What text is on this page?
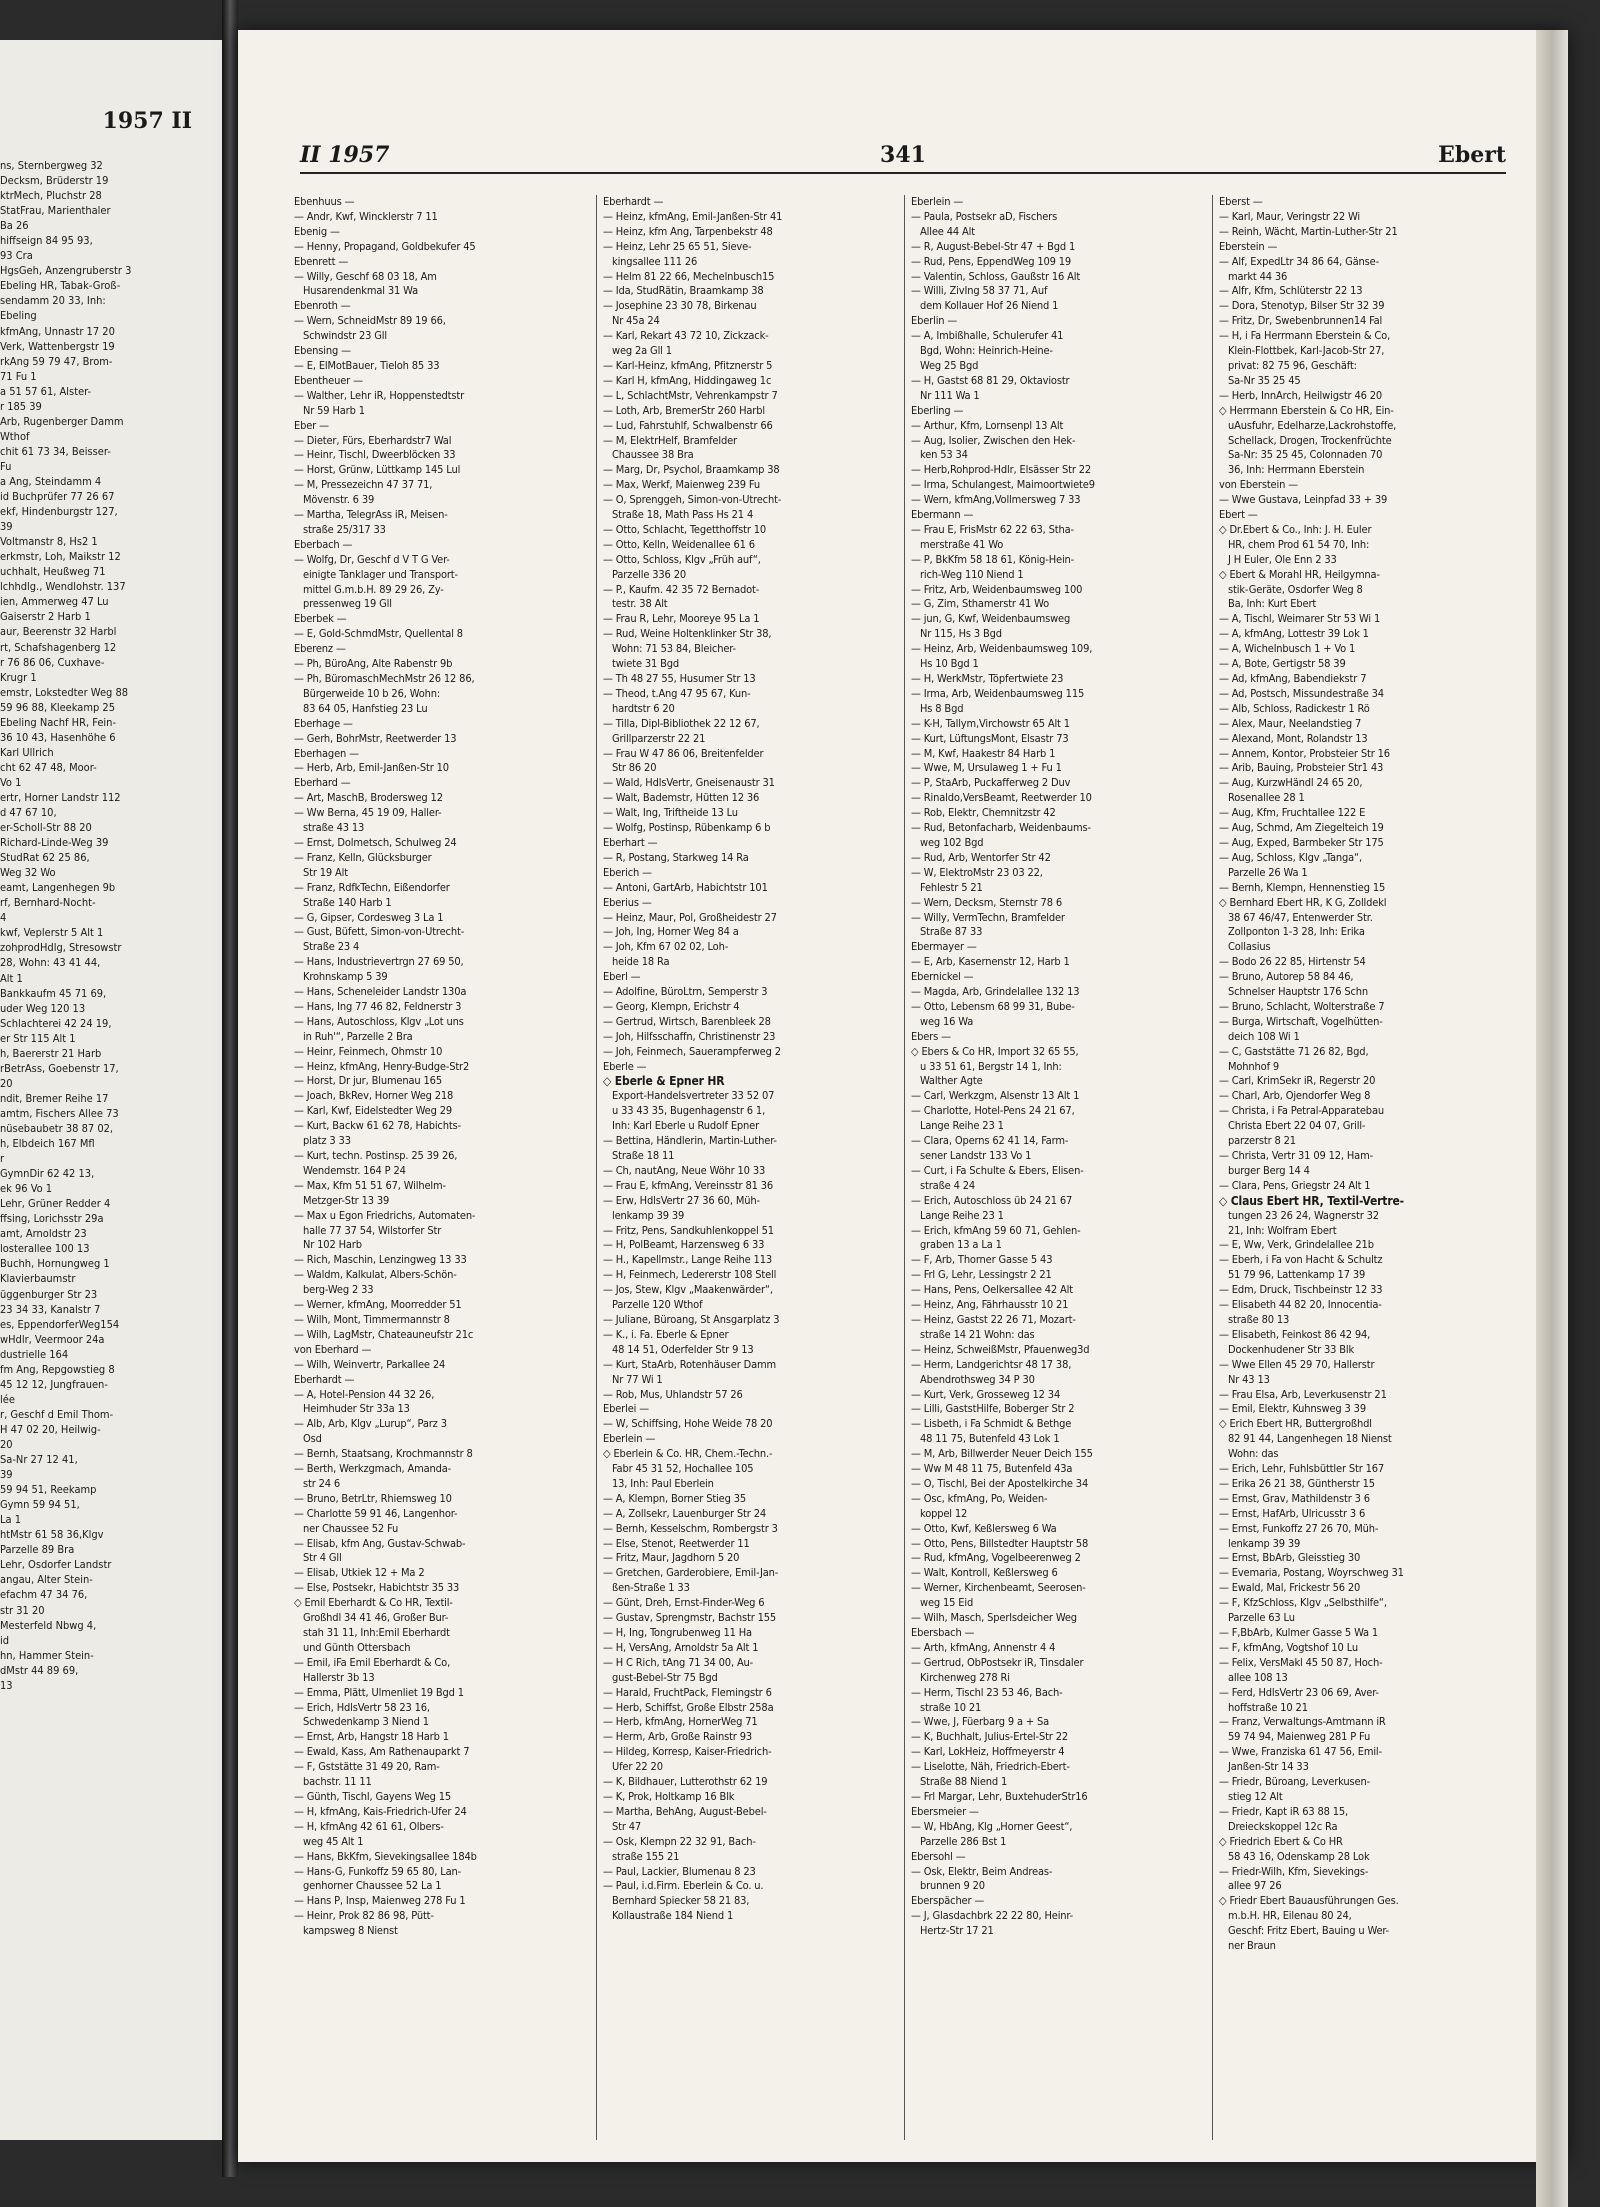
1957 II
ns, Sternbergweg 32
Decksm, Brüderstr 19
ktrMech, Pluchstr 28
StatFrau, Marienthaler
Ba 26
hiffseign 84 95 93,
93 Cra
HgsGeh, Anzengruberstr 3
Ebeling HR, Tabak-Groß-
sendamm 20 33, Inh:
Ebeling
kfmAng, Unnastr 17 20
Verk, Wattenbergstr 19
rkAng 59 79 47, Brom-
71 Fu 1
a 51 57 61, Alster-
r 185 39
Arb, Rugenberger Damm
Wthof
chit 61 73 34, Beisser-
Fu
a Ang, Steindamm 4
id Buchprüfer 77 26 67
ekf, Hindenburgstr 127,
39
Voltmanstr 8, Hs2 1
erkmstr, Loh, Maikstr 12
uchhalt, Heußweg 71
lchhdlg., Wendlohstr. 137
ien, Ammerweg 47 Lu
Gaiserstr 2 Harb 1
aur, Beerenstr 32 Harbl
rt, Schafshagenberg 12
r 76 86 06, Cuxhave-
Krugr 1
emstr, Lokstedter Weg 88
59 96 88, Kleekamp 25
Ebeling Nachf HR, Fein-
36 10 43, Hasenhöhe 6
Karl Ullrich
cht 62 47 48, Moor-
Vo 1
ertr, Horner Landstr 112
d 47 67 10,
er-Scholl-Str 88 20
Richard-Linde-Weg 39
StudRat 62 25 86,
Weg 32 Wo
eamt, Langenhegen 9b
rf, Bernhard-Nocht-
4
kwf, Veplerstr 5 Alt 1
zohprodHdlg, Stresowstr
28, Wohn: 43 41 44,
Alt 1
Bankkaufm 45 71 69,
uder Weg 120 13
Schlachterei 42 24 19,
er Str 115 Alt 1
h, Baererstr 21 Harb
rBetrAss, Goebenstr 17,
20
ndit, Bremer Reihe 17
amtm, Fischers Allee 73
nüsebaubetr 38 87 02,
h, Elbdeich 167 Mfl
r
GymnDir 62 42 13,
ek 96 Vo 1
Lehr, Grüner Redder 4
ffsing, Lorichsstr 29a
amt, Arnoldstr 23
losterallee 100 13
Buchh, Hornungweg 1
Klavierbaumstr
üggenburger Str 23
23 34 33, Kanalstr 7
es, EppendorferWeg154
wHdlr, Veermoor 24a
dustrielle 164
fm Ang, Repgowstieg 8
45 12 12, Jungfrauen-
lée
r, Geschf d Emil Thom-
H 47 02 20, Heilwig-
20
Sa-Nr 27 12 41,
39
59 94 51, Reekamp
Gymn 59 94 51,
La 1
htMstr 61 58 36,Klgv
Parzelle 89 Bra
Lehr, Osdorfer Landstr
angau, Alter Stein-
efachm 47 34 76,
str 31 20
Mesterfeld Nbwg 4,
id
hn, Hammer Stein-
dMstr 44 89 69,
13
II 1957	341	Ebert
Ebenhuus —
— Andr, Kwf, Wincklerstr 7 11
Ebenig —
— Henny, Propagand, Goldbekufer 45
Ebenrett —
— Willy, Geschf 68 03 18, Am
Husarendenkmal 31 Wa
Ebenroth —
— Wern, SchneidMstr 89 19 66,
Schwindstr 23 Gll
Ebensing —
— E, ElMotBauer, Tieloh 85 33
Ebentheuer —
— Walther, Lehr iR, Hoppenstedtstr
Nr 59 Harb 1
Eber —
— Dieter, Fürs, Eberhardstr7 Wal
— Heinr, Tischl, Dweerblöcken 33
— Horst, Grünw, Lüttkamp 145 Lul
— M, Pressezeichn 47 37 71,
Mövenstr. 6 39
— Martha, TelegrAss iR, Meisen-
straße 25/317 33
Eberbach —
— Wolfg, Dr, Geschf d V T G Ver-
einigte Tanklager und Transport-
mittel G.m.b.H. 89 29 26, Zy-
pressenweg 19 Gll
Eberbek —
— E, Gold-SchmdMstr, Quellental 8
Eberenz —
— Ph, BüroAng, Alte Rabenstr 9b
— Ph, BüromaschMechMstr 26 12 86,
Bürgerweide 10 b 26, Wohn:
83 64 05, Hanfstieg 23 Lu
Eberhage —
— Gerh, BohrMstr, Reetwerder 13
Eberhagen —
— Herb, Arb, Emil-Janßen-Str 10
Eberhard —
— Art, MaschB, Brodersweg 12
— Ww Berna, 45 19 09, Haller-
straße 43 13
— Ernst, Dolmetsch, Schulweg 24
— Franz, Kelln, Glücksburger
Str 19 Alt
— Franz, RdfkTechn, Eißendorfer
Straße 140 Harb 1
— G, Gipser, Cordesweg 3 La 1
— Gust, Büfett, Simon-von-Utrecht-
Straße 23 4
— Hans, Industrievertrgn 27 69 50,
Krohnskamp 5 39
— Hans, Scheneleider Landstr 130a
— Hans, Ing 77 46 82, Feldnerstr 3
— Hans, Autoschloss, Klgv „Lot uns
in Ruh'“, Parzelle 2 Bra
— Heinr, Feinmech, Ohmstr 10
— Heinz, kfmAng, Henry-Budge-Str2
— Horst, Dr jur, Blumenau 165
— Joach, BkRev, Horner Weg 218
— Karl, Kwf, Eidelstedter Weg 29
— Kurt, Backw 61 62 78, Habichts-
platz 3 33
— Kurt, techn. Postinsp. 25 39 26,
Wendemstr. 164 P 24
— Max, Kfm 51 51 67, Wilhelm-
Metzger-Str 13 39
— Max u Egon Friedrichs, Automaten-
halle 77 37 54, Wilstorfer Str
Nr 102 Harb
— Rich, Maschin, Lenzingweg 13 33
— Waldm, Kalkulat, Albers-Schön-
berg-Weg 2 33
— Werner, kfmAng, Moorredder 51
— Wilh, Mont, Timmermannstr 8
— Wilh, LagMstr, Chateauneufstr 21c
von Eberhard —
— Wilh, Weinvertr, Parkallee 24
Eberhardt —
— A, Hotel-Pension 44 32 26,
Heimhuder Str 33a 13
— Alb, Arb, Klgv „Lurup“, Parz 3
Osd
— Bernh, Staatsang, Krochmannstr 8
— Berth, Werkzgmach, Amanda-
str 24 6
— Bruno, BetrLtr, Rhiemsweg 10
— Charlotte 59 91 46, Langenhor-
ner Chaussee 52 Fu
— Elisab, kfm Ang, Gustav-Schwab-
Str 4 Gll
— Elisab, Utkiek 12 + Ma 2
— Else, Postsekr, Habichtstr 35 33
◇ Emil Eberhardt & Co HR, Textil-
Großhdl 34 41 46, Großer Bur-
stah 31 11, Inh:Emil Eberhardt
und Günth Ottersbach
— Emil, iFa Emil Eberhardt & Co,
Hallerstr 3b 13
— Emma, Plätt, Ulmenliet 19 Bgd 1
— Erich, HdlsVertr 58 23 16,
Schwedenkamp 3 Niend 1
— Ernst, Arb, Hangstr 18 Harb 1
— Ewald, Kass, Am Rathenauparkt 7
— F, Gststätte 31 49 20, Ram-
bachstr. 11 11
— Günth, Tischl, Gayens Weg 15
— H, kfmAng, Kais-Friedrich-Ufer 24
— H, kfmAng 42 61 61, Olbers-
weg 45 Alt 1
— Hans, BkKfm, Sievekingsallee 184b
— Hans-G, Funkoffz 59 65 80, Lan-
genhorner Chaussee 52 La 1
— Hans P, Insp, Maienweg 278 Fu 1
— Heinr, Prok 82 86 98, Pütt-
kampsweg 8 Nienst
Eberhardt —
— Heinz, kfmAng, Emil-Janßen-Str 41
— Heinz, kfm Ang, Tarpenbekstr 48
— Heinz, Lehr 25 65 51, Sieve-
kingsallee 111 26
— Helm 81 22 66, Mechelnbusch15
— Ida, StudRätin, Braamkamp 38
— Josephine 23 30 78, Birkenau
Nr 45a 24
— Karl, Rekart 43 72 10, Zickzack-
weg 2a Gll 1
— Karl-Heinz, kfmAng, Pfitznerstr 5
— Karl H, kfmAng, Hiddingaweg 1c
— L, SchlachtMstr, Vehrenkampstr 7
— Loth, Arb, BremerStr 260 Harbl
— Lud, Fahrstuhlf, Schwalbenstr 66
— M, ElektrHelf, Bramfelder
Chaussee 38 Bra
— Marg, Dr, Psychol, Braamkamp 38
— Max, Werkf, Maienweg 239 Fu
— O, Sprenggeh, Simon-von-Utrecht-
Straße 18, Math Pass Hs 21 4
— Otto, Schlacht, Tegetthoffstr 10
— Otto, Kelln, Weidenallee 61 6
— Otto, Schloss, Klgv „Früh auf“,
Parzelle 336 20
— P., Kaufm. 42 35 72 Bernadot-
testr. 38 Alt
— Frau R, Lehr, Mooreye 95 La 1
— Rud, Weine Holtenklinker Str 38,
Wohn: 71 53 84, Bleicher-
twiete 31 Bgd
— Th 48 27 55, Husumer Str 13
— Theod, t.Ang 47 95 67, Kun-
hardtstr 6 20
— Tilla, Dipl-Bibliothek 22 12 67,
Grillparzerstr 22 21
— Frau W 47 86 06, Breitenfelder
Str 86 20
— Wald, HdlsVertr, Gneisenaustr 31
— Walt, Bademstr, Hütten 12 36
— Walt, Ing, Triftheide 13 Lu
— Wolfg, Postinsp, Rübenkamp 6 b
Eberhart —
— R, Postang, Starkweg 14 Ra
Eberich —
— Antoni, GartArb, Habichtstr 101
Eberius —
— Heinz, Maur, Pol, Großheidestr 27
— Joh, Ing, Horner Weg 84 a
— Joh, Kfm 67 02 02, Loh-
heide 18 Ra
Eberl —
— Adolfine, BüroLtrn, Semperstr 3
— Georg, Klempn, Erichstr 4
— Gertrud, Wirtsch, Barenbleek 28
— Joh, Hilfsschaffn, Christinenstr 23
— Joh, Feinmech, Sauerampferweg 2
Eberle —
◇ Eberle & Epner HR
Export-Handelsvertreter 33 52 07
u 33 43 35, Bugenhagenstr 6 1,
Inh: Karl Eberle u Rudolf Epner
— Bettina, Händlerin, Martin-Luther-
Straße 18 11
— Ch, nautAng, Neue Wöhr 10 33
— Frau E, kfmAng, Vereinsstr 81 36
— Erw, HdlsVertr 27 36 60, Müh-
lenkamp 39 39
— Fritz, Pens, Sandkuhlenkoppel 51
— H, PolBeamt, Harzensweg 6 33
— H., Kapellmstr., Lange Reihe 113
— H, Feinmech, Ledererstr 108 Stell
— Jos, Stew, Klgv „Maakenwärder“,
Parzelle 120 Wthof
— Juliane, Büroang, St Ansgarplatz 3
— K., i. Fa. Eberle & Epner
48 14 51, Oderfelder Str 9 13
— Kurt, StaArb, Rotenhäuser Damm
Nr 77 Wi 1
— Rob, Mus, Uhlandstr 57 26
Eberlei —
— W, Schiffsing, Hohe Weide 78 20
Eberlein —
◇ Eberlein & Co. HR, Chem.-Techn.-
Fabr 45 31 52, Hochallee 105
13, Inh: Paul Eberlein
— A, Klempn, Borner Stieg 35
— A, Zollsekr, Lauenburger Str 24
— Bernh, Kesselschm, Rombergstr 3
— Else, Stenot, Reetwerder 11
— Fritz, Maur, Jagdhorn 5 20
— Gretchen, Garderobiere, Emil-Jan-
ßen-Straße 1 33
— Günt, Dreh, Ernst-Finder-Weg 6
— Gustav, Sprengmstr, Bachstr 155
— H, Ing, Tongrubenweg 11 Ha
— H, VersAng, Arnoldstr 5a Alt 1
— H C Rich, tAng 71 34 00, Au-
gust-Bebel-Str 75 Bgd
— Harald, FruchtPack, Flemingstr 6
— Herb, Schiffst, Große Elbstr 258a
— Herb, kfmAng, HornerWeg 71
— Herm, Arb, Große Rainstr 93
— Hildeg, Korresp, Kaiser-Friedrich-
Ufer 22 20
— K, Bildhauer, Lutterothstr 62 19
— K, Prok, Holtkamp 16 Blk
— Martha, BehAng, August-Bebel-
Str 47
— Osk, Klempn 22 32 91, Bach-
straße 155 21
— Paul, Lackier, Blumenau 8 23
— Paul, i.d.Firm. Eberlein & Co. u.
Bernhard Spiecker 58 21 83,
Kollaustraße 184 Niend 1
Eberlein —
— Paula, Postsekr aD, Fischers
Allee 44 Alt
— R, August-Bebel-Str 47 + Bgd 1
— Rud, Pens, EppendWeg 109 19
— Valentin, Schloss, Gaußstr 16 Alt
— Willi, ZivIng 58 37 71, Auf
dem Kollauer Hof 26 Niend 1
Eberlin —
— A, Imbißhalle, Schulerufer 41
Bgd, Wohn: Heinrich-Heine-
Weg 25 Bgd
— H, Gastst 68 81 29, Oktaviostr
Nr 111 Wa 1
Eberling —
— Arthur, Kfm, Lornsenpl 13 Alt
— Aug, Isolier, Zwischen den Hek-
ken 53 34
— Herb,Rohprod-Hdlr, Elsässer Str 22
— Irma, Schulangest, Maimoortwiete9
— Wern, kfmAng,Vollmersweg 7 33
Ebermann —
— Frau E, FrisMstr 62 22 63, Stha-
merstraße 41 Wo
— P, BkKfm 58 18 61, König-Hein-
rich-Weg 110 Niend 1
— Fritz, Arb, Weidenbaumsweg 100
— G, Zim, Sthamerstr 41 Wo
— jun, G, Kwf, Weidenbaumsweg
Nr 115, Hs 3 Bgd
— Heinz, Arb, Weidenbaumsweg 109,
Hs 10 Bgd 1
— H, WerkMstr, Töpfertwiete 23
— Irma, Arb, Weidenbaumsweg 115
Hs 8 Bgd
— K-H, Tallym,Virchowstr 65 Alt 1
— Kurt, LüftungsMont, Elsastr 73
— M, Kwf, Haakestr 84 Harb 1
— Wwe, M, Ursulaweg 1 + Fu 1
— P, StaArb, Puckafferweg 2 Duv
— Rinaldo,VersBeamt, Reetwerder 10
— Rob, Elektr, Chemnitzstr 42
— Rud, Betonfacharb, Weidenbaums-
weg 102 Bgd
— Rud, Arb, Wentorfer Str 42
— W, ElektroMstr 23 03 22,
Fehlestr 5 21
— Wern, Decksm, Sternstr 78 6
— Willy, VermTechn, Bramfelder
Straße 87 33
Ebermayer —
— E, Arb, Kasernenstr 12, Harb 1
Ebernickel —
— Magda, Arb, Grindelallee 132 13
— Otto, Lebensm 68 99 31, Bube-
weg 16 Wa
Ebers —
◇ Ebers & Co HR, Import 32 65 55,
u 33 51 61, Bergstr 14 1, Inh:
Walther Agte
— Carl, Werkzgm, Alsenstr 13 Alt 1
— Charlotte, Hotel-Pens 24 21 67,
Lange Reihe 23 1
— Clara, Operns 62 41 14, Farm-
sener Landstr 133 Vo 1
— Curt, i Fa Schulte & Ebers, Elisen-
straße 4 24
— Erich, Autoschloss üb 24 21 67
Lange Reihe 23 1
— Erich, kfmAng 59 60 71, Gehlen-
graben 13 a La 1
— F, Arb, Thorner Gasse 5 43
— Frl G, Lehr, Lessingstr 2 21
— Hans, Pens, Oelkersallee 42 Alt
— Heinz, Ang, Fährhausstr 10 21
— Heinz, Gastst 22 26 71, Mozart-
straße 14 21 Wohn: das
— Heinz, SchweißMstr, Pfauenweg3d
— Herm, Landgerichtsr 48 17 38,
Abendrothsweg 34 P 30
— Kurt, Verk, Grosseweg 12 34
— Lilli, GaststHilfe, Boberger Str 2
— Lisbeth, i Fa Schmidt & Bethge
48 11 75, Butenfeld 43 Lok 1
— M, Arb, Billwerder Neuer Deich 155
— Ww M 48 11 75, Butenfeld 43a
— O, Tischl, Bei der Apostelkirche 34
— Osc, kfmAng, Po, Weiden-
koppel 12
— Otto, Kwf, Keßlersweg 6 Wa
— Otto, Pens, Billstedter Hauptstr 58
— Rud, kfmAng, Vogelbeerenweg 2
— Walt, Kontroll, Keßlersweg 6
— Werner, Kirchenbeamt, Seerosen-
weg 15 Eid
— Wilh, Masch, Sperlsdeicher Weg
Ebersbach —
— Arth, kfmAng, Annenstr 4 4
— Gertrud, ObPostsekr iR, Tinsdaler
Kirchenweg 278 Ri
— Herm, Tischl 23 53 46, Bach-
straße 10 21
— Wwe, J, Füerbarg 9 a + Sa
— K, Buchhalt, Julius-Ertel-Str 22
— Karl, LokHeiz, Hoffmeyerstr 4
— Liselotte, Näh, Friedrich-Ebert-
Straße 88 Niend 1
— Frl Margar, Lehr, BuxtehuderStr16
Ebersmeier —
— W, HbAng, Klg „Horner Geest“,
Parzelle 286 Bst 1
Ebersohl —
— Osk, Elektr, Beim Andreas-
brunnen 9 20
Eberspächer —
— J, Glasdachbrk 22 22 80, Heinr-
Hertz-Str 17 21
Eberst —
— Karl, Maur, Veringstr 22 Wi
— Reinh, Wächt, Martin-Luther-Str 21
Eberstein —
— Alf, ExpedLtr 34 86 64, Gänse-
markt 44 36
— Alfr, Kfm, Schlüterstr 22 13
— Dora, Stenotyp, Bilser Str 32 39
— Fritz, Dr, Swebenbrunnen14 Fal
— H, i Fa Herrmann Eberstein & Co,
Klein-Flottbek, Karl-Jacob-Str 27,
privat: 82 75 96, Geschäft:
Sa-Nr 35 25 45
— Herb, InnArch, Heilwigstr 46 20
◇ Herrmann Eberstein & Co HR, Ein-
uAusfuhr, Edelharze,Lackrohstoffe,
Schellack, Drogen, Trockenfrüchte
Sa-Nr: 35 25 45, Colonnaden 70
36, Inh: Herrmann Eberstein
von Eberstein —
— Wwe Gustava, Leinpfad 33 + 39
Ebert —
◇ Dr.Ebert & Co., Inh: J. H. Euler
HR, chem Prod 61 54 70, Inh:
J H Euler, Ole Enn 2 33
◇ Ebert & Morahl HR, Heilgymna-
stik-Geräte, Osdorfer Weg 8
Ba, Inh: Kurt Ebert
— A, Tischl, Weimarer Str 53 Wi 1
— A, kfmAng, Lottestr 39 Lok 1
— A, Wichelnbusch 1 + Vo 1
— A, Bote, Gertigstr 58 39
— Ad, kfmAng, Babendiekstr 7
— Ad, Postsch, Missundestraße 34
— Alb, Schloss, Radickestr 1 Rö
— Alex, Maur, Neelandstieg 7
— Alexand, Mont, Rolandstr 13
— Annem, Kontor, Probsteier Str 16
— Arib, Bauing, Probsteier Str1 43
— Aug, KurzwHändl 24 65 20,
Rosenallee 28 1
— Aug, Kfm, Fruchtallee 122 E
— Aug, Schmd, Am Ziegelteich 19
— Aug, Exped, Barmbeker Str 175
— Aug, Schloss, Klgv „Tanga“,
Parzelle 26 Wa 1
— Bernh, Klempn, Hennenstieg 15
◇ Bernhard Ebert HR, K G, Zolldekl
38 67 46/47, Entenwerder Str.
Zollponton 1-3 28, Inh: Erika
Collasius
— Bodo 26 22 85, Hirtenstr 54
— Bruno, Autorep 58 84 46,
Schnelser Hauptstr 176 Schn
— Bruno, Schlacht, Wolterstraße 7
— Burga, Wirtschaft, Vogelhütten-
deich 108 Wi 1
— C, Gaststätte 71 26 82, Bgd,
Mohnhof 9
— Carl, KrimSekr iR, Regerstr 20
— Charl, Arb, Ojendorfer Weg 8
— Christa, i Fa Petral-Apparatebau
Christa Ebert 22 04 07, Grill-
parzerstr 8 21
— Christa, Vertr 31 09 12, Ham-
burger Berg 14 4
— Clara, Pens, Griegstr 24 Alt 1
◇ Claus Ebert HR, Textil-Vertre-
tungen 23 26 24, Wagnerstr 32
21, Inh: Wolfram Ebert
— E, Ww, Verk, Grindelallee 21b
— Eberh, i Fa von Hacht & Schultz
51 79 96, Lattenkamp 17 39
— Edm, Druck, Tischbeinstr 12 33
— Elisabeth 44 82 20, Innocentia-
straße 80 13
— Elisabeth, Feinkost 86 42 94,
Dockenhudener Str 33 Blk
— Wwe Ellen 45 29 70, Hallerstr
Nr 43 13
— Frau Elsa, Arb, Leverkusenstr 21
— Emil, Elektr, Kuhnsweg 3 39
◇ Erich Ebert HR, Buttergroßhdl
82 91 44, Langenhegen 18 Nienst
Wohn: das
— Erich, Lehr, Fuhlsbüttler Str 167
— Erika 26 21 38, Güntherstr 15
— Ernst, Grav, Mathildenstr 3 6
— Ernst, HafArb, Ulricusstr 3 6
— Ernst, Funkoffz 27 26 70, Müh-
lenkamp 39 39
— Ernst, BbArb, Gleisstieg 30
— Evemaria, Postang, Woyrschweg 31
— Ewald, Mal, Frickestr 56 20
— F, KfzSchloss, Klgv „Selbsthilfe“,
Parzelle 63 Lu
— F,BbArb, Kulmer Gasse 5 Wa 1
— F, kfmAng, Vogtshof 10 Lu
— Felix, VersMakl 45 50 87, Hoch-
allee 108 13
— Ferd, HdlsVertr 23 06 69, Aver-
hoffstraße 10 21
— Franz, Verwaltungs-Amtmann iR
59 74 94, Maienweg 281 P Fu
— Wwe, Franziska 61 47 56, Emil-
Janßen-Str 14 33
— Friedr, Büroang, Leverkusen-
stieg 12 Alt
— Friedr, Kapt iR 63 88 15,
Dreieckskoppel 12c Ra
◇ Friedrich Ebert & Co HR
58 43 16, Odenskamp 28 Lok
— Friedr-Wilh, Kfm, Sievekings-
allee 97 26
◇ Friedr Ebert Bauausführungen Ges.
m.b.H. HR, Eilenau 80 24,
Geschf: Fritz Ebert, Bauing u Wer-
ner Braun
